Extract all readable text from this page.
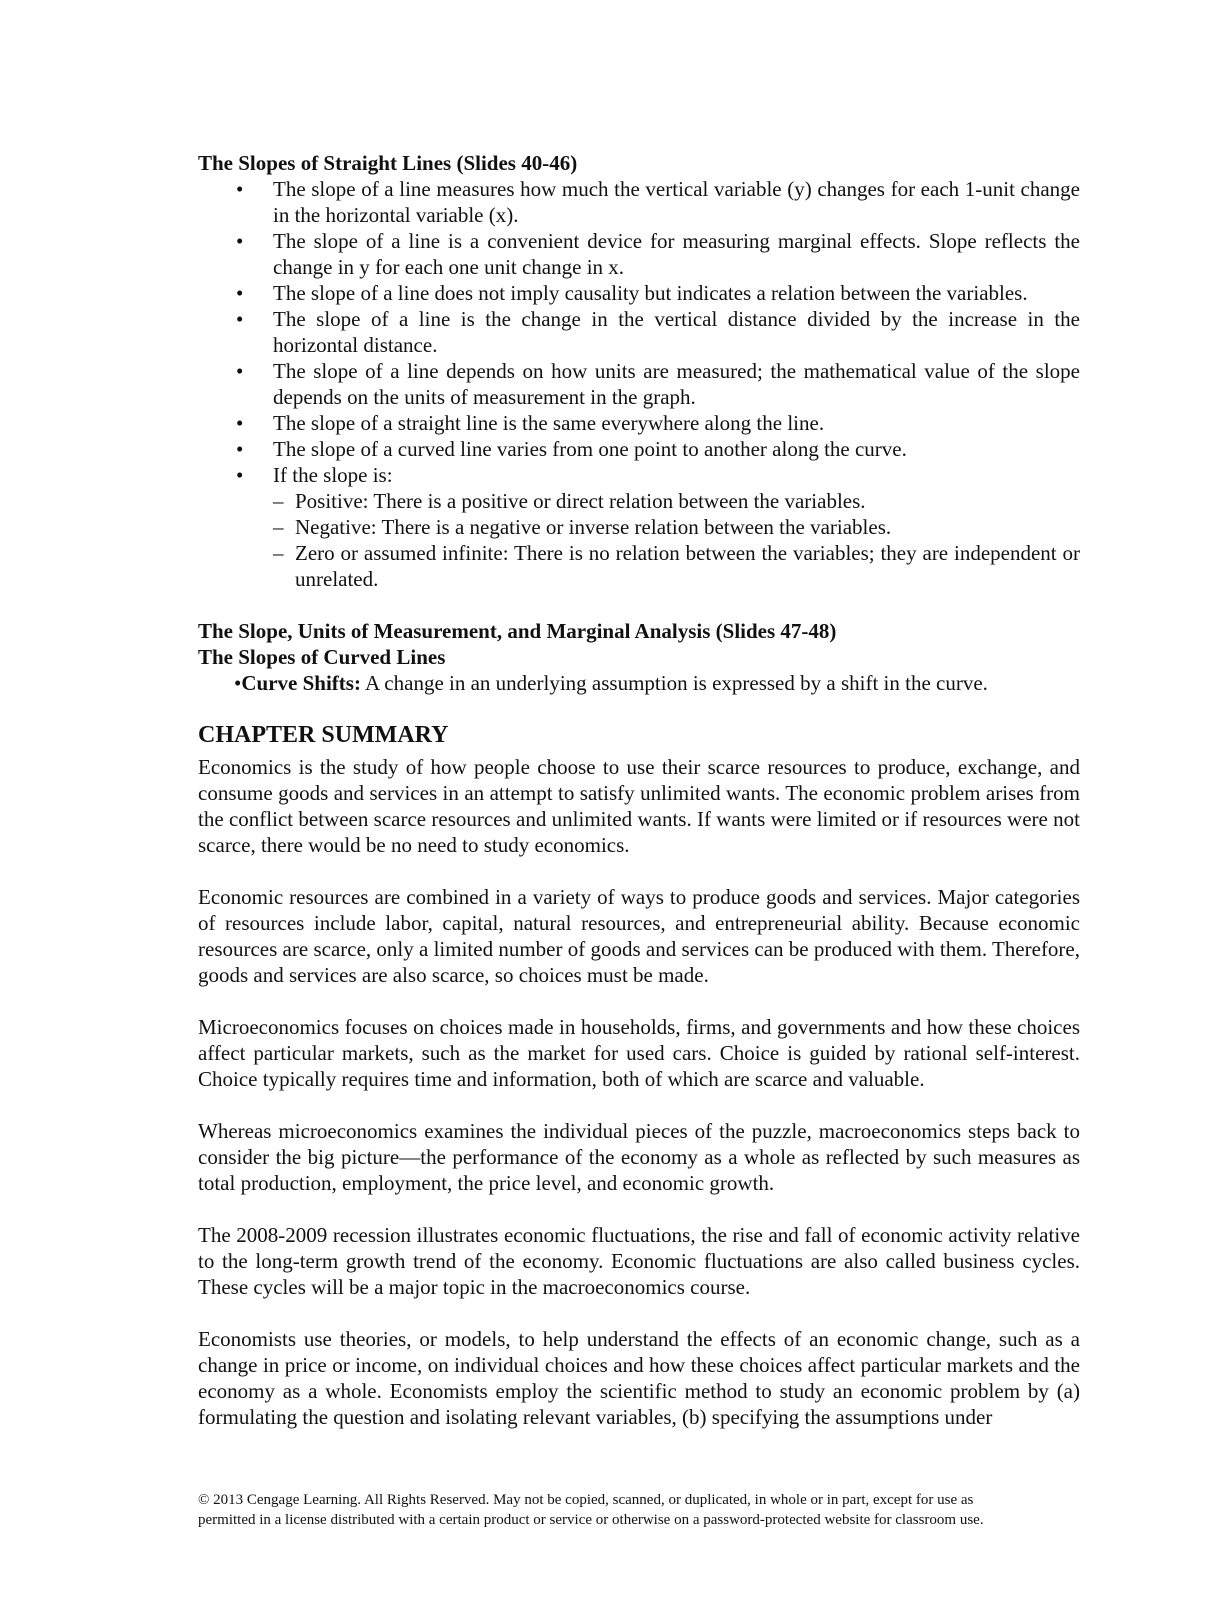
The Slopes of Straight Lines (Slides 40-46)
• The slope of a line measures how much the vertical variable (y) changes for each 1-unit change in the horizontal variable (x).
• The slope of a line is a convenient device for measuring marginal effects. Slope reflects the change in y for each one unit change in x.
• The slope of a line does not imply causality but indicates a relation between the variables.
• The slope of a line is the change in the vertical distance divided by the increase in the horizontal distance.
• The slope of a line depends on how units are measured; the mathematical value of the slope depends on the units of measurement in the graph.
• The slope of a straight line is the same everywhere along the line.
• The slope of a curved line varies from one point to another along the curve.
• If the slope is:
– Positive: There is a positive or direct relation between the variables.
– Negative: There is a negative or inverse relation between the variables.
– Zero or assumed infinite: There is no relation between the variables; they are independent or unrelated.
The Slope, Units of Measurement, and Marginal Analysis (Slides 47-48)
The Slopes of Curved Lines
•Curve Shifts: A change in an underlying assumption is expressed by a shift in the curve.
CHAPTER SUMMARY

Economics is the study of how people choose to use their scarce resources to produce, exchange, and consume goods and services in an attempt to satisfy unlimited wants. The economic problem arises from the conflict between scarce resources and unlimited wants. If wants were limited or if resources were not scarce, there would be no need to study economics.

Economic resources are combined in a variety of ways to produce goods and services. Major categories of resources include labor, capital, natural resources, and entrepreneurial ability. Because economic resources are scarce, only a limited number of goods and services can be produced with them. Therefore, goods and services are also scarce, so choices must be made.

Microeconomics focuses on choices made in households, firms, and governments and how these choices affect particular markets, such as the market for used cars. Choice is guided by rational self-interest. Choice typically requires time and information, both of which are scarce and valuable.

Whereas microeconomics examines the individual pieces of the puzzle, macroeconomics steps back to consider the big picture—the performance of the economy as a whole as reflected by such measures as total production, employment, the price level, and economic growth.

The 2008-2009 recession illustrates economic fluctuations, the rise and fall of economic activity relative to the long-term growth trend of the economy. Economic fluctuations are also called business cycles. These cycles will be a major topic in the macroeconomics course.

Economists use theories, or models, to help understand the effects of an economic change, such as a change in price or income, on individual choices and how these choices affect particular markets and the economy as a whole. Economists employ the scientific method to study an economic problem by (a) formulating the question and isolating relevant variables, (b) specifying the assumptions under

© 2013 Cengage Learning. All Rights Reserved. May not be copied, scanned, or duplicated, in whole or in part, except for use as
permitted in a license distributed with a certain product or service or otherwise on a password-protected website for classroom use.
